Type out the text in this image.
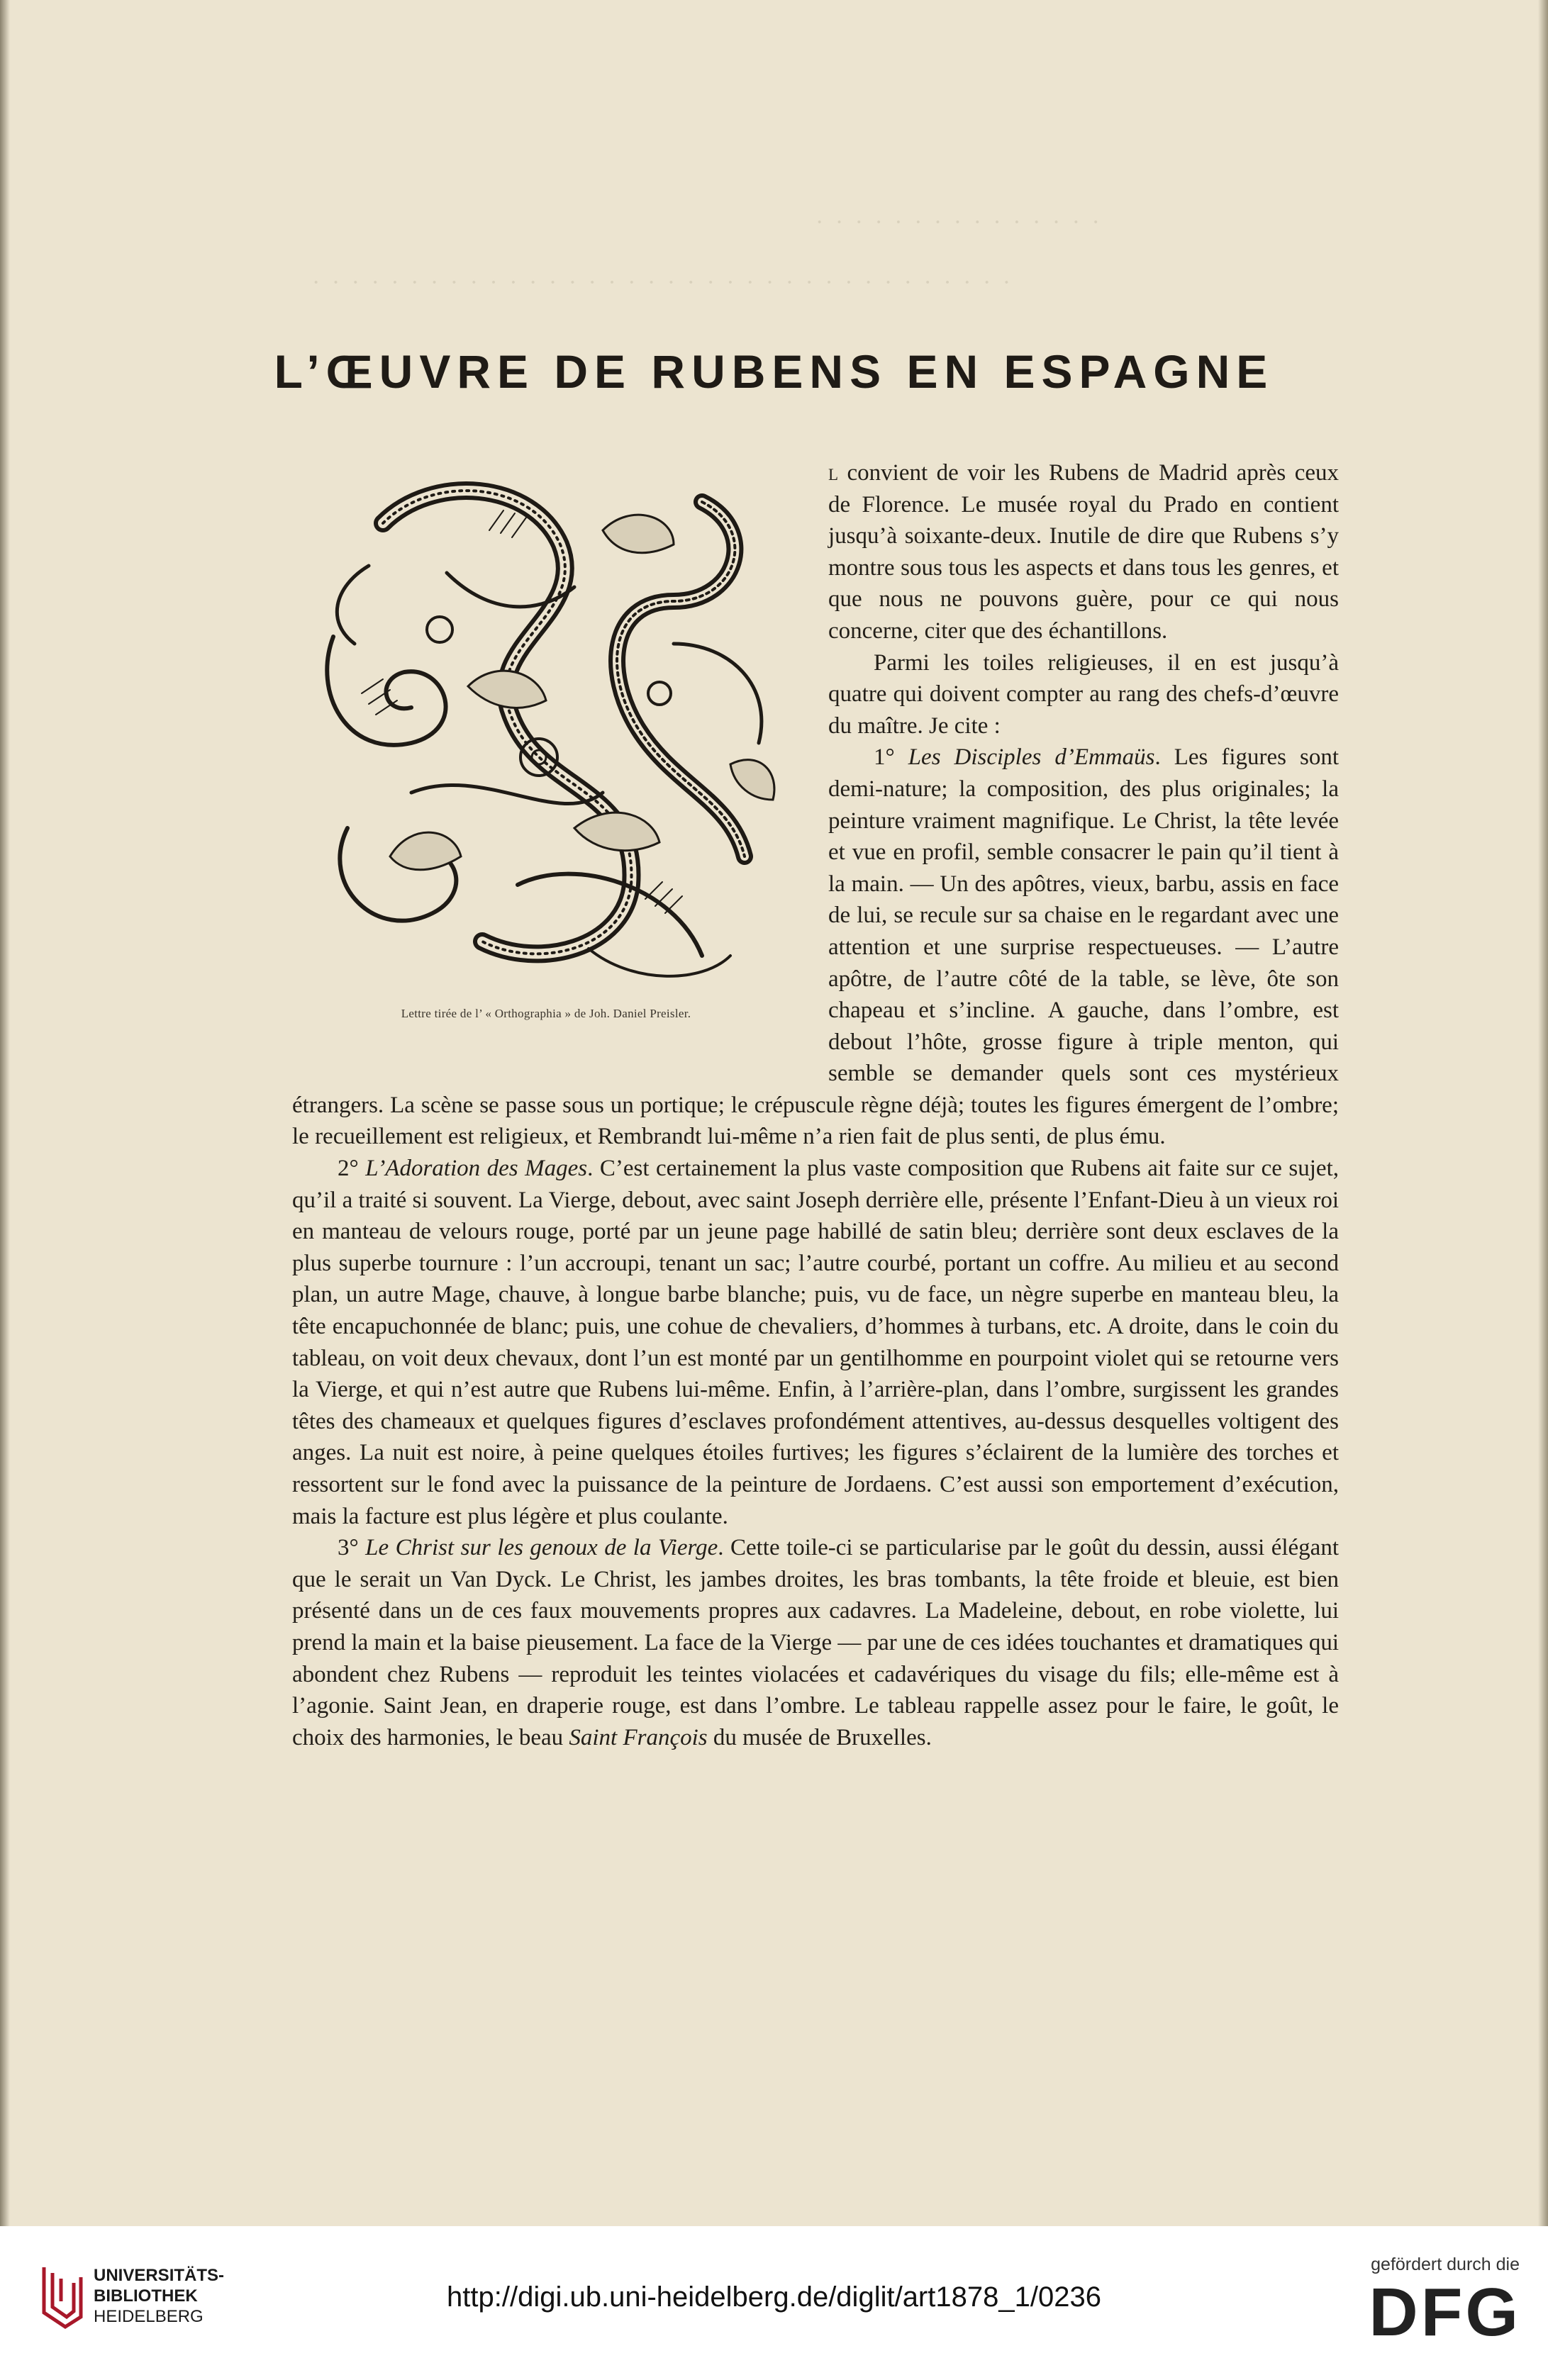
· · · · · · · · · · · · · · ·
· · · · · · · · · · · · · · · · · · · · · · · · · · · · · · · · · · · ·
L’ŒUVRE DE RUBENS EN ESPAGNE
Lettre tirée de l’ « Orthographia » de Joh. Daniel Preisler.

l convient de voir les Rubens de Madrid après ceux de Florence. Le musée royal du Prado en contient jusqu’à soixante-deux. Inutile de dire que Rubens s’y montre sous tous les aspects et dans tous les genres, et que nous ne pouvons guère, pour ce qui nous concerne, citer que des échantillons.

Parmi les toiles religieuses, il en est jusqu’à quatre qui doivent compter au rang des chefs-d’œuvre du maître. Je cite :

1° Les Disciples d’Emmaüs. Les figures sont demi-nature; la composition, des plus originales; la peinture vraiment magnifique. Le Christ, la tête levée et vue en profil, semble consacrer le pain qu’il tient à la main. — Un des apôtres, vieux, barbu, assis en face de lui, se recule sur sa chaise en le regardant avec une attention et une surprise respectueuses. — L’autre apôtre, de l’autre côté de la table, se lève, ôte son chapeau et s’incline. A gauche, dans l’ombre, est debout l’hôte, grosse figure à triple menton, qui semble se demander quels sont ces mystérieux étrangers. La scène se passe sous un portique; le crépuscule règne déjà; toutes les figures émergent de l’ombre; le recueillement est religieux, et Rembrandt lui-même n’a rien fait de plus senti, de plus ému.

2° L’Adoration des Mages. C’est certainement la plus vaste composition que Rubens ait faite sur ce sujet, qu’il a traité si souvent. La Vierge, debout, avec saint Joseph derrière elle, présente l’Enfant-Dieu à un vieux roi en manteau de velours rouge, porté par un jeune page habillé de satin bleu; derrière sont deux esclaves de la plus superbe tournure : l’un accroupi, tenant un sac; l’autre courbé, portant un coffre. Au milieu et au second plan, un autre Mage, chauve, à longue barbe blanche; puis, vu de face, un nègre superbe en manteau bleu, la tête encapuchonnée de blanc; puis, une cohue de chevaliers, d’hommes à turbans, etc. A droite, dans le coin du tableau, on voit deux chevaux, dont l’un est monté par un gentilhomme en pourpoint violet qui se retourne vers la Vierge, et qui n’est autre que Rubens lui-même. Enfin, à l’arrière-plan, dans l’ombre, surgissent les grandes têtes des chameaux et quelques figures d’esclaves profondément attentives, au-dessus desquelles voltigent des anges. La nuit est noire, à peine quelques étoiles furtives; les figures s’éclairent de la lumière des torches et ressortent sur le fond avec la puissance de la peinture de Jordaens. C’est aussi son emportement d’exécution, mais la facture est plus légère et plus coulante.

3° Le Christ sur les genoux de la Vierge. Cette toile-ci se particularise par le goût du dessin, aussi élégant que le serait un Van Dyck. Le Christ, les jambes droites, les bras tombants, la tête froide et bleuie, est bien présenté dans un de ces faux mouvements propres aux cadavres. La Madeleine, debout, en robe violette, lui prend la main et la baise pieusement. La face de la Vierge — par une de ces idées touchantes et dramatiques qui abondent chez Rubens — reproduit les teintes violacées et cadavériques du visage du fils; elle-même est à l’agonie. Saint Jean, en draperie rouge, est dans l’ombre. Le tableau rappelle assez pour le faire, le goût, le choix des harmonies, le beau Saint François du musée de Bruxelles.

UNIVERSITÄTS-
BIBLIOTHEK
HEIDELBERG
http://digi.ub.uni-heidelberg.de/diglit/art1878_1/0236
gefördert durch die
DFG
